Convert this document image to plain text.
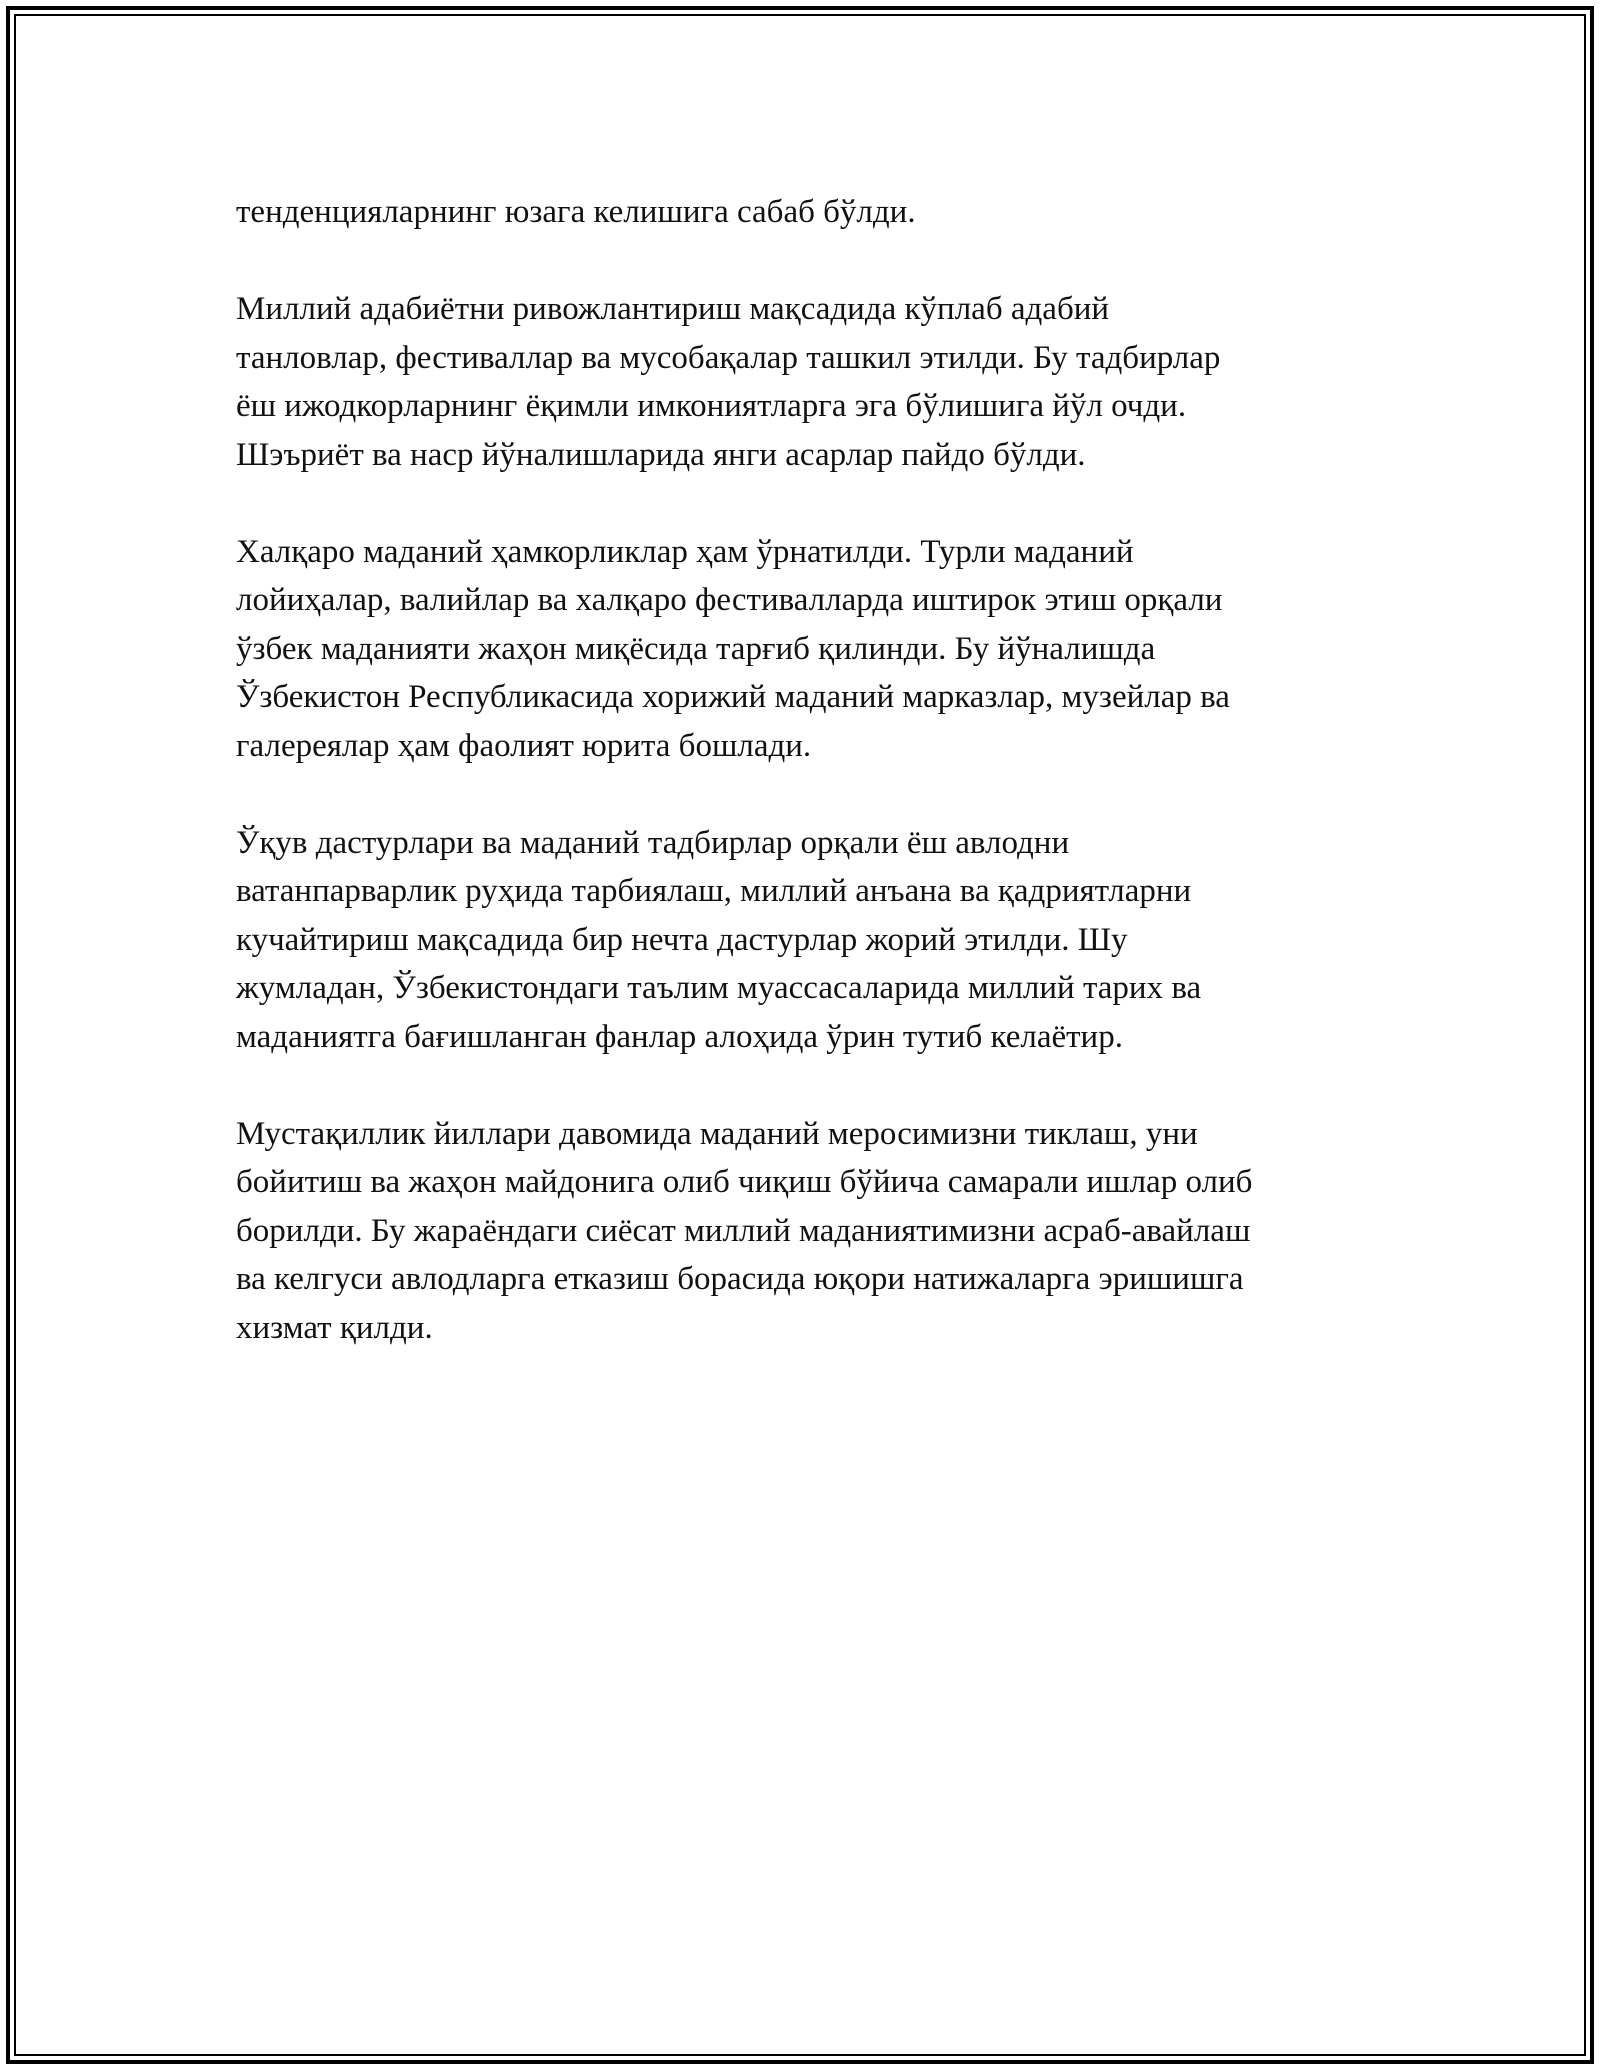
тенденцияларнинг юзага келишига сабаб бўлди.

Миллий адабиётни ривожлантириш мақсадида кўплаб адабий
танловлар, фестиваллар ва мусобақалар ташкил этилди. Бу тадбирлар
ёш ижодкорларнинг ёқимли имкониятларга эга бўлишига йўл очди.
Шэъриёт ва наср йўналишларида янги асарлар пайдо бўлди.

Халқаро маданий ҳамкорликлар ҳам ўрнатилди. Турли маданий
лойиҳалар, валийлар ва халқаро фестивалларда иштирок этиш орқали
ўзбек маданияти жаҳон миқёсида тарғиб қилинди. Бу йўналишда
Ўзбекистон Республикасида хорижий маданий марказлар, музейлар ва
галереялар ҳам фаолият юрита бошлади.

Ўқув дастурлари ва маданий тадбирлар орқали ёш авлодни
ватанпарварлик руҳида тарбиялаш, миллий анъана ва қадриятларни
кучайтириш мақсадида бир нечта дастурлар жорий этилди. Шу
жумладан, Ўзбекистондаги таълим муассасаларида миллий тарих ва
маданиятга бағишланган фанлар алоҳида ўрин тутиб келаётир.

Мустақиллик йиллари давомида маданий меросимизни тиклаш, уни
бойитиш ва жаҳон майдонига олиб чиқиш бўйича самарали ишлар олиб
борилди. Бу жараёндаги сиёсат миллий маданиятимизни асраб-авайлаш
ва келгуси авлодларга етказиш борасида юқори натижаларга эришишга
хизмат қилди.
